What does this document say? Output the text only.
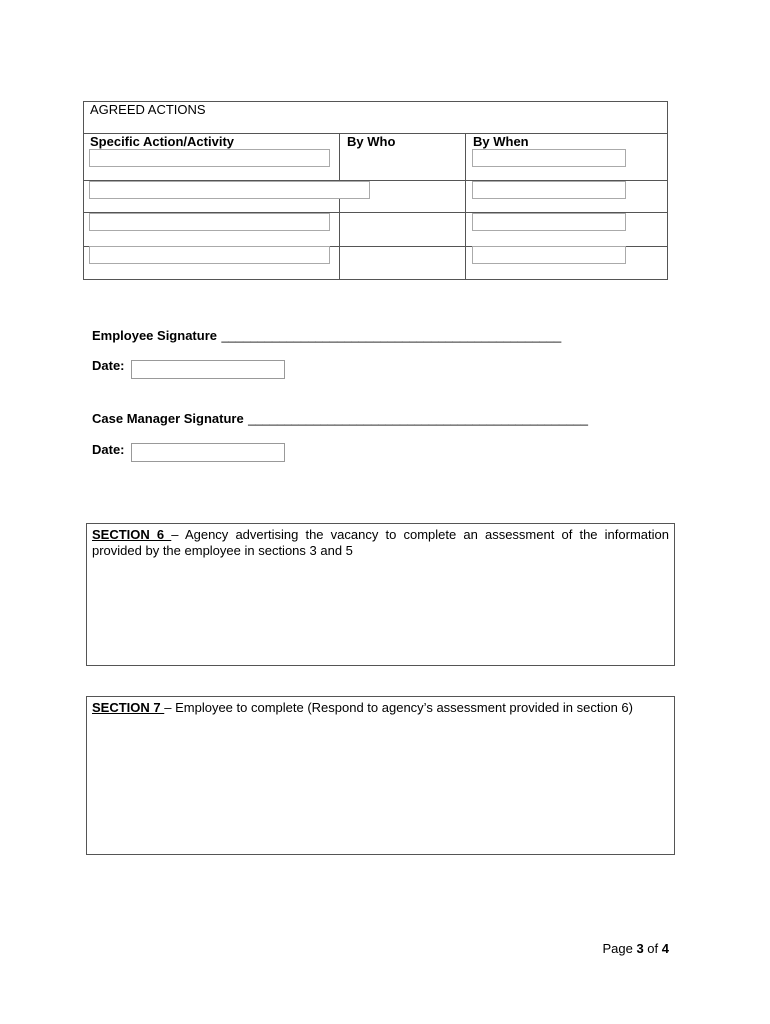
AGREED ACTIONS
Specific Action/Activity	By Who	By When
Employee Signature _______________________________________________
Date:
Case Manager Signature _______________________________________________
Date:
SECTION 6 – Agency advertising the vacancy to complete an assessment of the information provided by the employee in sections 3 and 5
SECTION 7 – Employee to complete (Respond to agency’s assessment provided in section 6)
Page 3 of 4
